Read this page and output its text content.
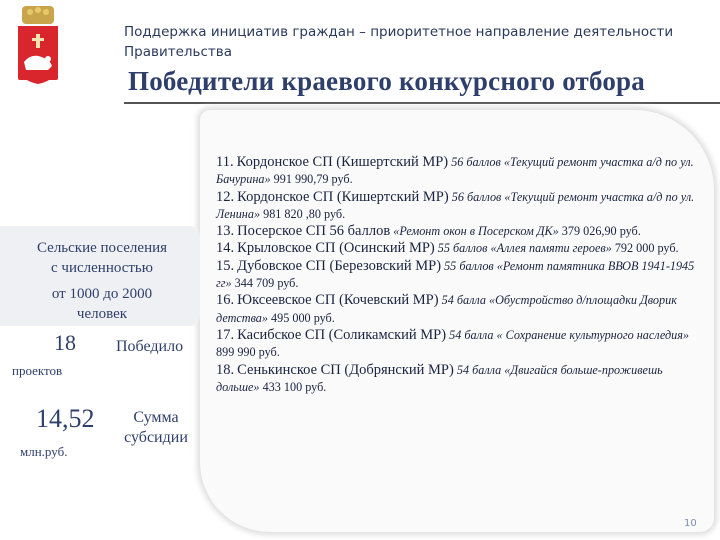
Поддержка инициатив граждан – приоритетное направление деятельности
Правительства
Победители краевого конкурсного отбора
Сельские поселения
с численностью
от 1000 до 2000
человек
18	Победило
проектов
14,52	Сумма
субсидии
млн.руб.

11. Кордонское СП (Кишертский МР) 56 баллов «Текущий ремонт участка а/д по ул. Бачурина» 991 990,79 руб.

12. Кордонское СП (Кишертский МР) 56 баллов «Текущий ремонт участка а/д по ул. Ленина» 981 820 ,80 руб.

13. Посерское СП 56 баллов «Ремонт окон в Посерском ДК» 379 026,90 руб.

14. Крыловское СП (Осинский МР) 55 баллов «Аллея памяти героев» 792 000 руб.

15. Дубовское СП (Березовский МР) 55 баллов «Ремонт памятника ВВОВ 1941-1945 гг» 344 709 руб.

16. Юксеевское СП (Кочевский МР) 54 балла «Обустройство д/площадки Дворик детства» 495 000 руб.

17. Касибское СП (Соликамский МР) 54 балла « Сохранение культурного наследия» 899 990 руб.

18. Сенькинское СП (Добрянский МР) 54 балла «Двигайся больше-проживешь дольше» 433 100 руб.

10
